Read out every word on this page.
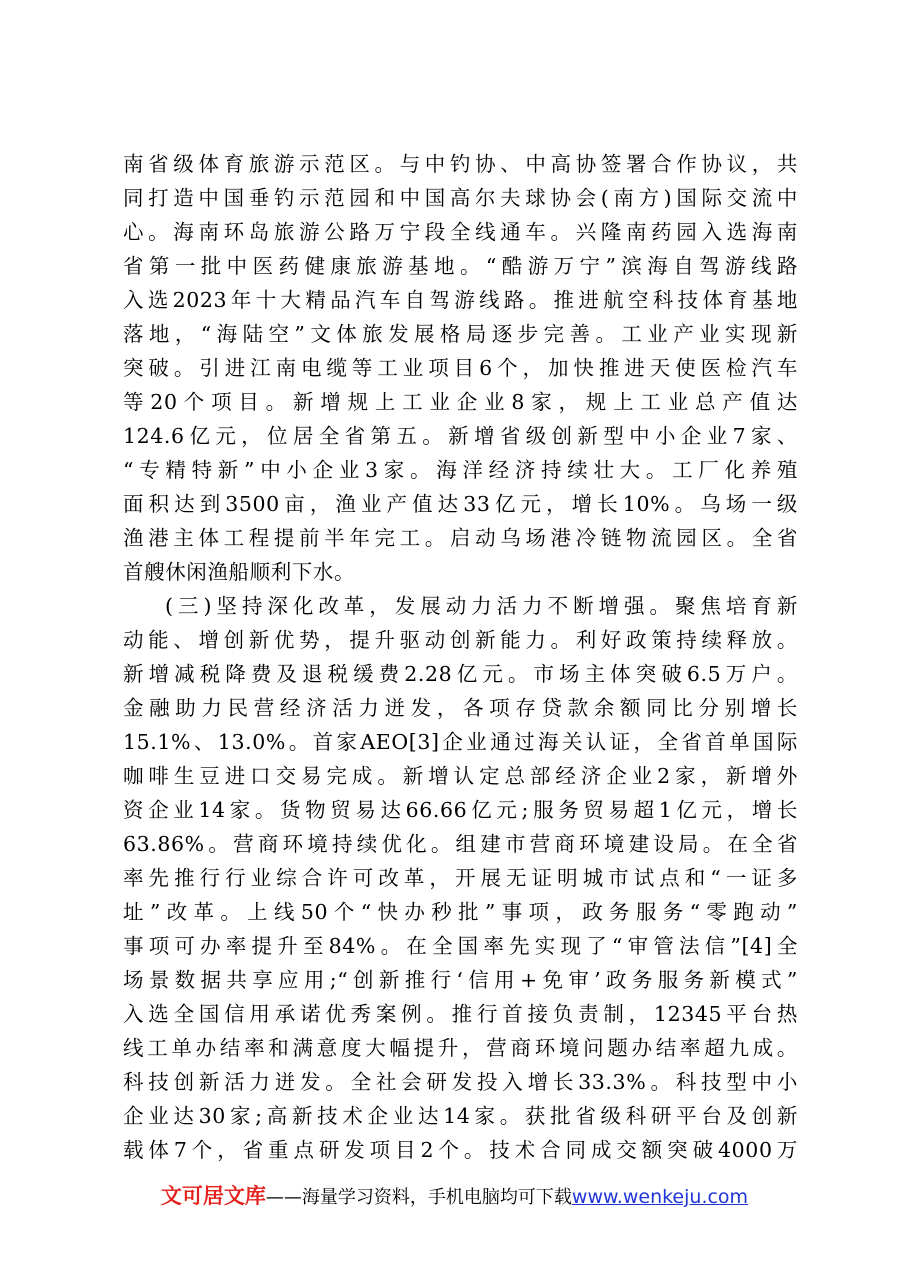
南省级体育旅游示范区。与中钓协、中高协签署合作协议，共
同打造中国垂钓示范园和中国高尔夫球协会(南方)国际交流中
心。海南环岛旅游公路万宁段全线通车。兴隆南药园入选海南
省第一批中医药健康旅游基地。“酷游万宁”滨海自驾游线路
入选2023年十大精品汽车自驾游线路。推进航空科技体育基地
落地，“海陆空”文体旅发展格局逐步完善。工业产业实现新
突破。引进江南电缆等工业项目6个，加快推进天使医检汽车
等20个项目。新增规上工业企业8家，规上工业总产值达
124.6亿元，位居全省第五。新增省级创新型中小企业7家、
“专精特新”中小企业3家。海洋经济持续壮大。工厂化养殖
面积达到3500亩，渔业产值达33亿元，增长10%。乌场一级
渔港主体工程提前半年完工。启动乌场港冷链物流园区。全省
首艘休闲渔船顺利下水。
(三)坚持深化改革，发展动力活力不断增强。聚焦培育新
动能、增创新优势，提升驱动创新能力。利好政策持续释放。
新增减税降费及退税缓费2.28亿元。市场主体突破6.5万户。
金融助力民营经济活力迸发，各项存贷款余额同比分别增长
15.1%、13.0%。首家AEO[3]企业通过海关认证，全省首单国际
咖啡生豆进口交易完成。新增认定总部经济企业2家，新增外
资企业14家。货物贸易达66.66亿元;服务贸易超1亿元，增长
63.86%。营商环境持续优化。组建市营商环境建设局。在全省
率先推行行业综合许可改革，开展无证明城市试点和“一证多
址”改革。上线50个“快办秒批”事项，政务服务“零跑动”
事项可办率提升至84%。在全国率先实现了“审管法信”[4]全
场景数据共享应用;“创新推行‘信用+免审’政务服务新模式”
入选全国信用承诺优秀案例。推行首接负责制，12345平台热
线工单办结率和满意度大幅提升，营商环境问题办结率超九成。
科技创新活力迸发。全社会研发投入增长33.3%。科技型中小
企业达30家;高新技术企业达14家。获批省级科研平台及创新
载体7个，省重点研发项目2个。技术合同成交额突破4000万
文可居文库——海量学习资料，手机电脑均可下载www.wenkeju.com
